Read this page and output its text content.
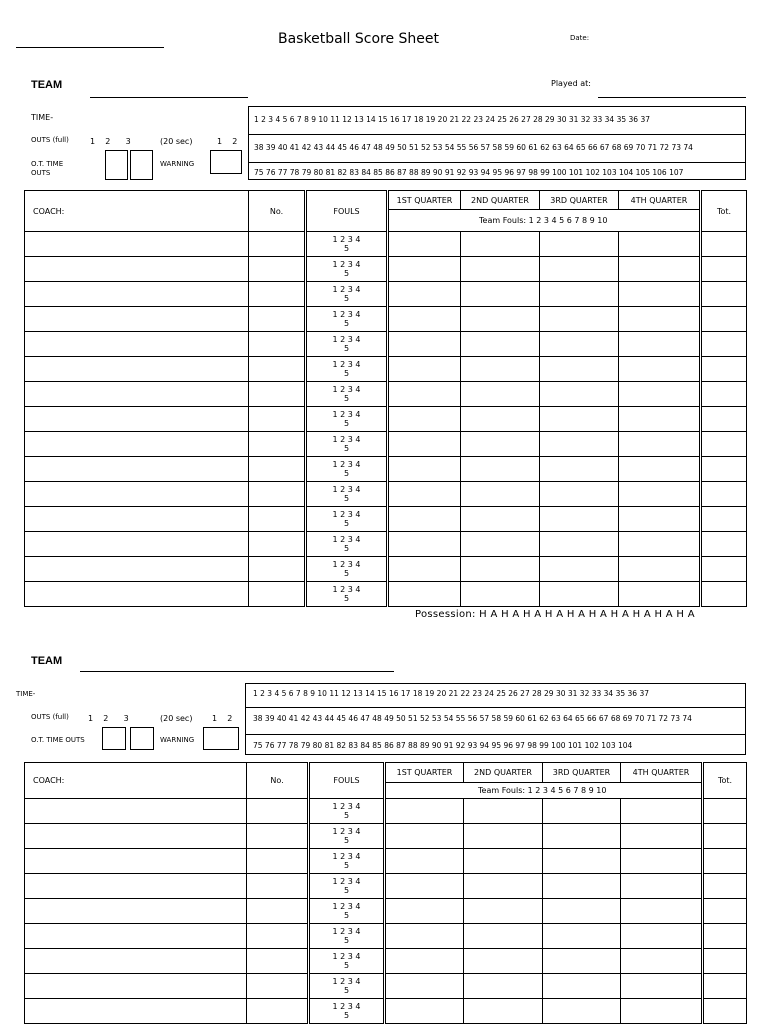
Basketball Score Sheet	Date:
TEAM	Played at:
TIME-
OUTS (full)	1    2      3	(20 sec)	1    2
O.T. TIME OUTS
WARNING
1 2 3 4 5 6 7 8 9 10 11 12 13 14 15 16 17 18 19 20 21 22 23 24 25 26 27 28 29 30 31 32 33 34 35 36 37
38 39 40 41 42 43 44 45 46 47 48 49 50 51 52 53 54 55 56 57 58 59 60 61 62 63 64 65 66 67 68 69 70 71 72 73 74
75 76 77 78 79 80 81 82 83 84 85 86 87 88 89 90 91 92 93 94 95 96 97 98 99 100 101 102 103 104 105 106 107
COACH:	No.	FOULS	1ST QUARTER	2ND QUARTER	3RD QUARTER	4TH QUARTER	Tot.
			Team Fouls: 1 2 3 4 5 6 7 8 9 10				

		1 2 3 4
5					

		1 2 3 4
5					

		1 2 3 4
5					

		1 2 3 4
5					

		1 2 3 4
5					

		1 2 3 4
5					

		1 2 3 4
5					

		1 2 3 4
5					

		1 2 3 4
5					

		1 2 3 4
5					

		1 2 3 4
5					

		1 2 3 4
5					

		1 2 3 4
5					

		1 2 3 4
5					

		1 2 3 4
5					

Possession: H A H A H A H A H A H A H A H A H A H A
TEAM
TIME-
OUTS (full) 1    2      3	(20 sec) 1    2
O.T. TIME OUTS	WARNING
1 2 3 4 5 6 7 8 9 10 11 12 13 14 15 16 17 18 19 20 21 22 23 24 25 26 27 28 29 30 31 32 33 34 35 36 37
38 39 40 41 42 43 44 45 46 47 48 49 50 51 52 53 54 55 56 57 58 59 60 61 62 63 64 65 66 67 68 69 70 71 72 73 74
75 76 77 78 79 80 81 82 83 84 85 86 87 88 89 90 91 92 93 94 95 96 97 98 99 100 101 102 103 104
COACH:	No.	FOULS	1ST QUARTER	2ND QUARTER	3RD QUARTER	4TH QUARTER	Tot.
			Team Fouls: 1 2 3 4 5 6 7 8 9 10				

		1 2 3 4
5					

		1 2 3 4
5					

		1 2 3 4
5					

		1 2 3 4
5					

		1 2 3 4
5					

		1 2 3 4
5					

		1 2 3 4
5					

		1 2 3 4
5					

		1 2 3 4
5					
